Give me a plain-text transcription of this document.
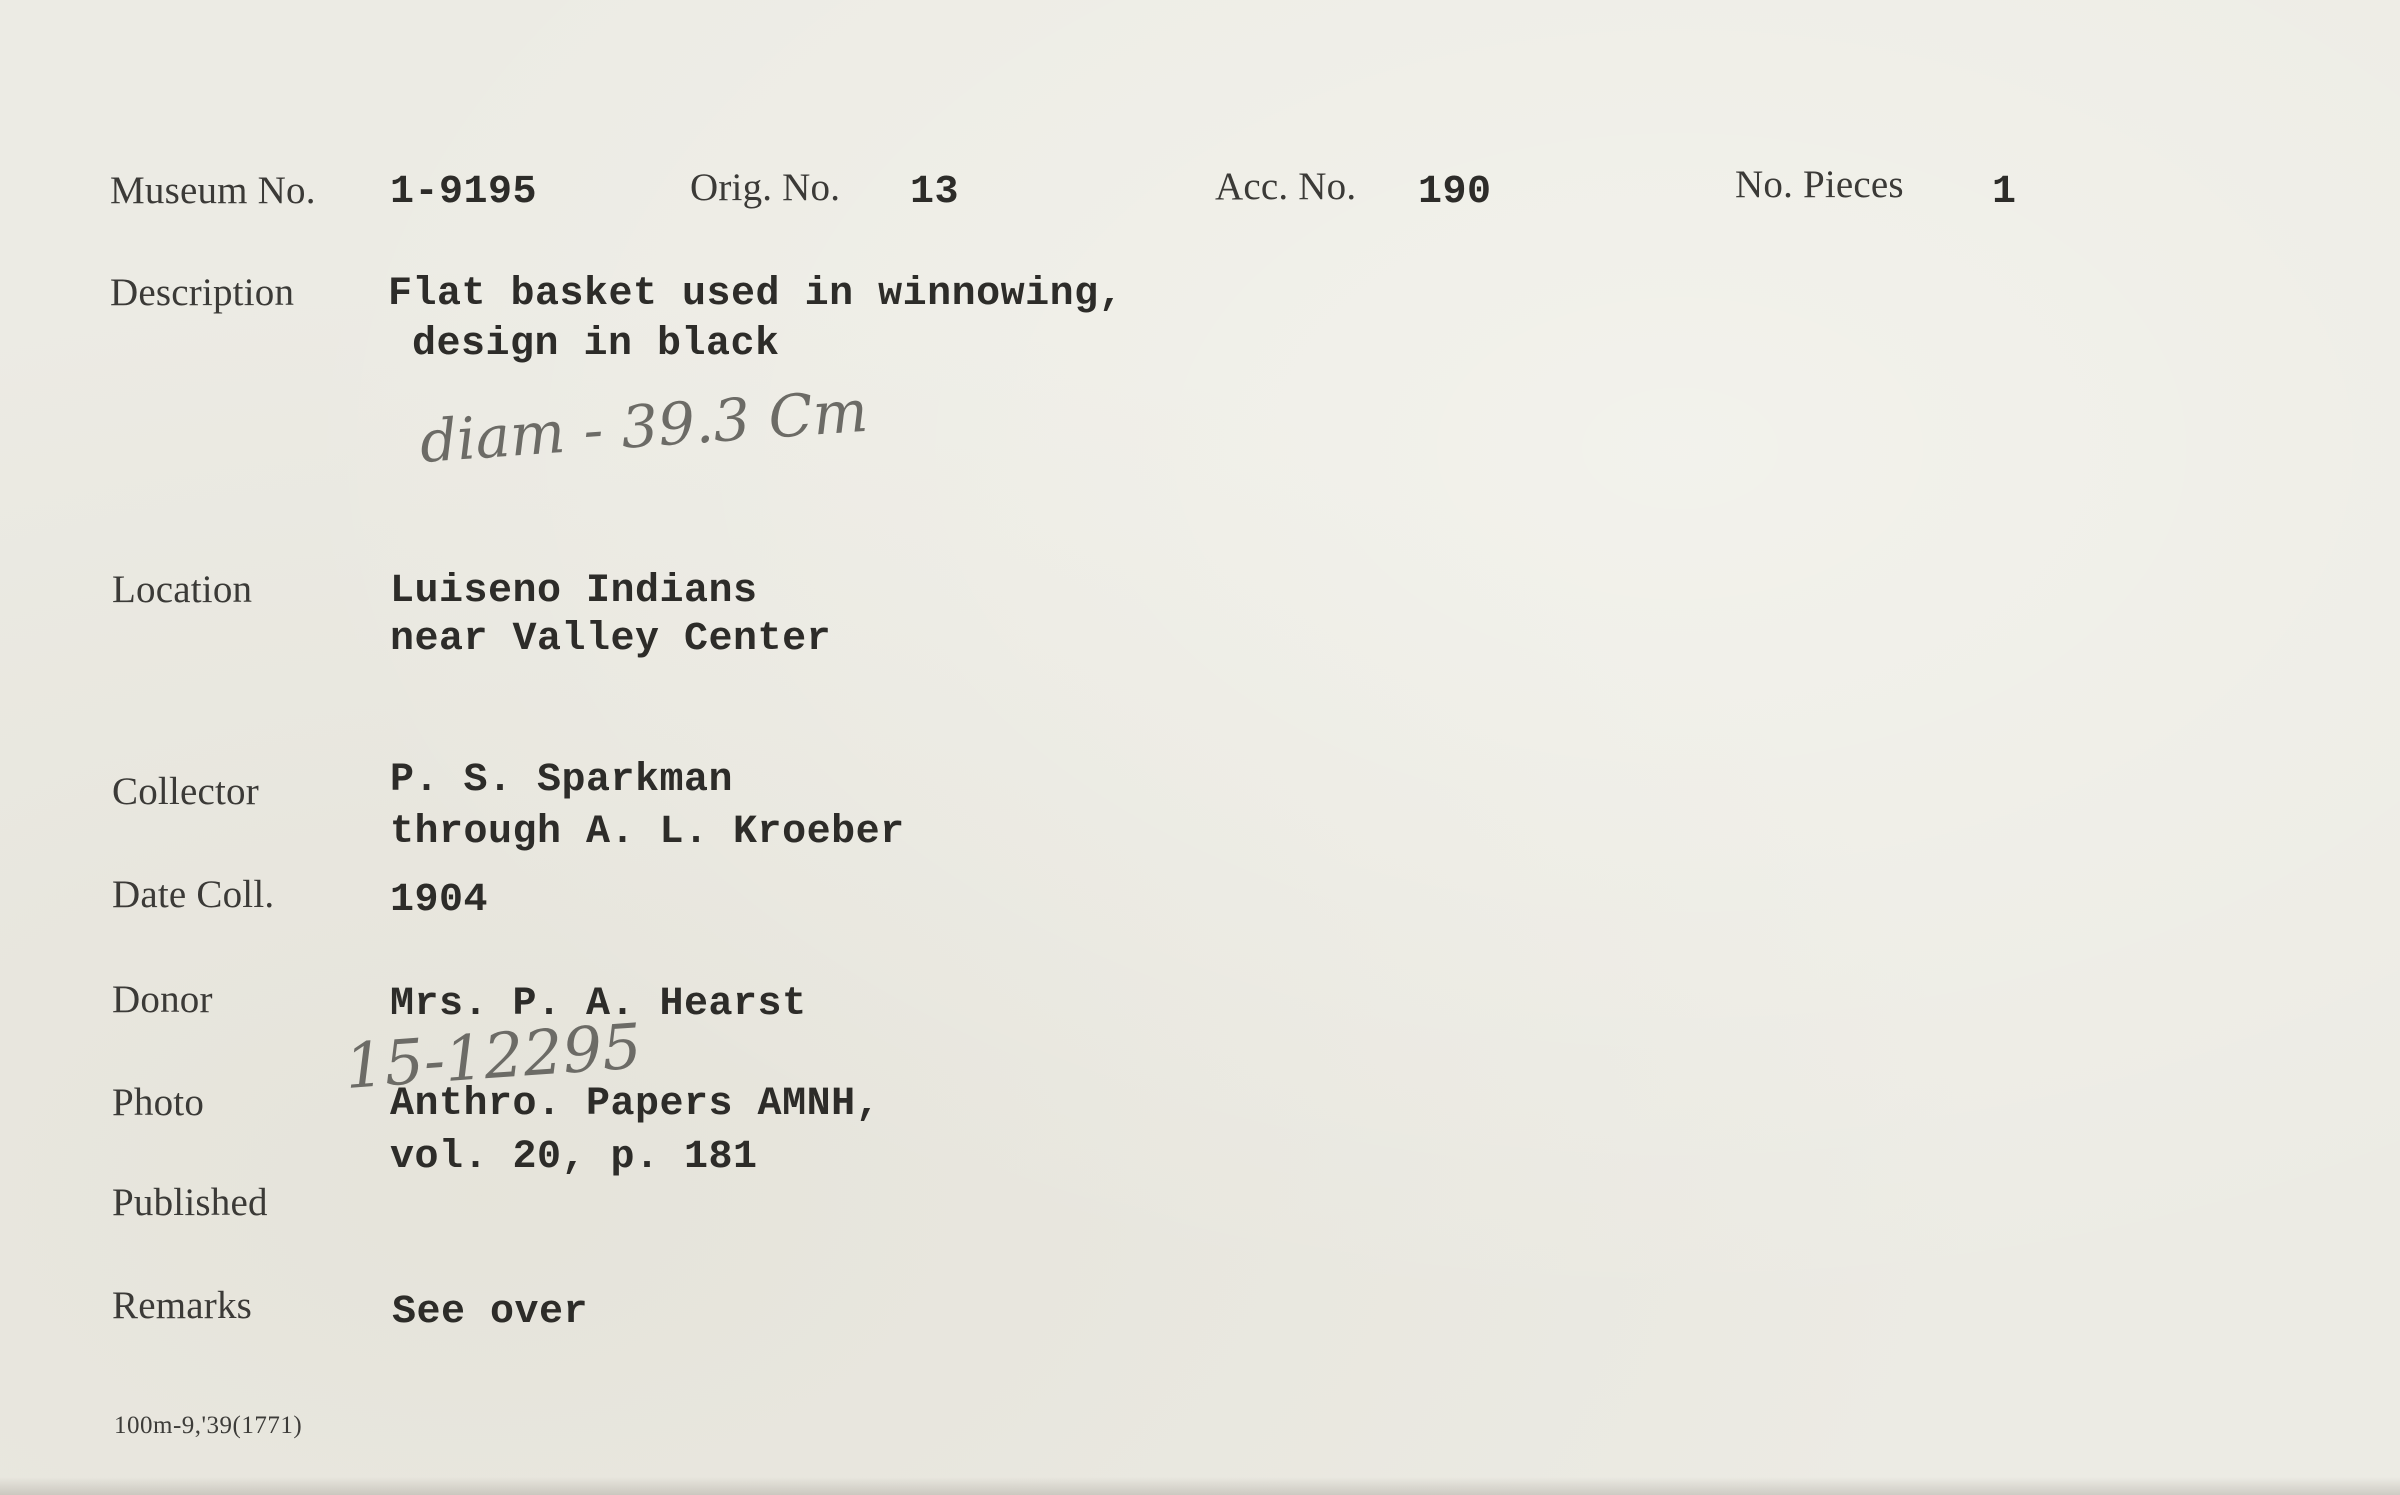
Museum No. 1-9195	Orig. No. 13	Acc. No. 190	No. Pieces 1
Description Flat basket used in winnowing,
design in black
diam - 39.3 Cm
Location	Luiseno Indians
near Valley Center
Collector	P. S. Sparkman
through A. L. Kroeber
Date Coll.	1904
Donor	Mrs. P. A. Hearst
15-12295
Photo	Anthro. Papers AMNH,
vol. 20, p. 181
Published
Remarks	See over
100m-9,'39(1771)
